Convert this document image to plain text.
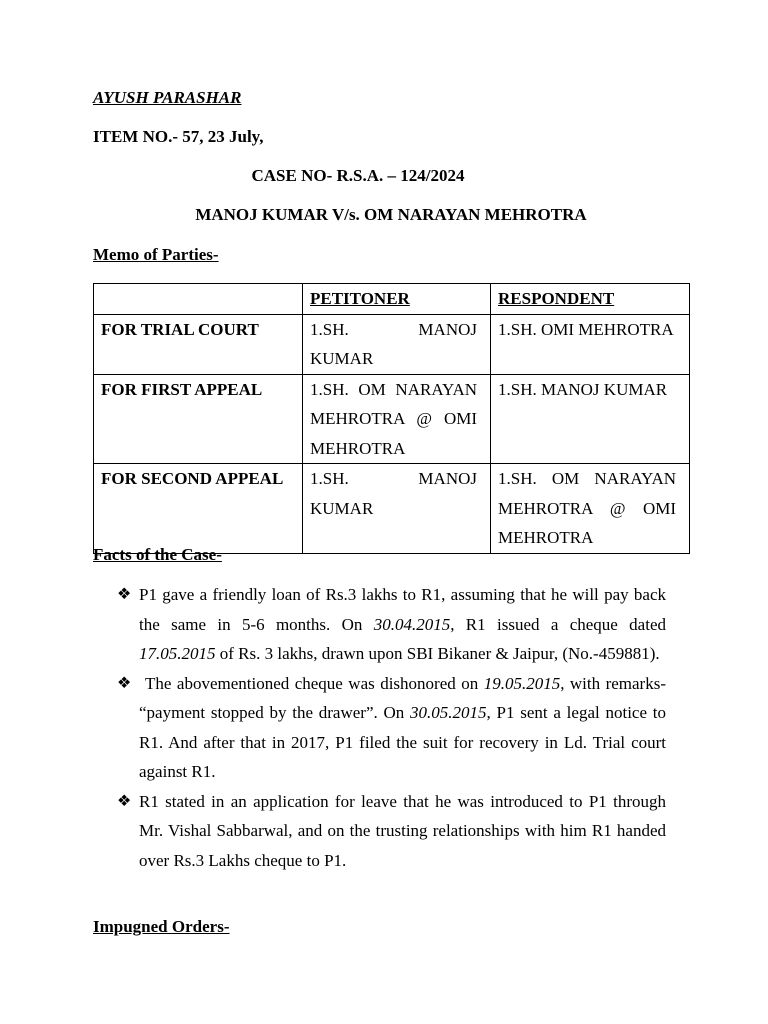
AYUSH PARASHAR

ITEM NO.- 57, 23 July,

CASE NO- R.S.A. – 124/2024

MANOJ KUMAR V/s. OM NARAYAN MEHROTRA

Memo of Parties-

	PETITONER	RESPONDENT
FOR TRIAL COURT	1.SH. MANOJ KUMAR	1.SH. OMI MEHROTRA
FOR FIRST APPEAL	1.SH. OM NARAYAN MEHROTRA @ OMI MEHROTRA	1.SH. MANOJ KUMAR
FOR SECOND APPEAL	1.SH. MANOJ KUMAR	1.SH. OM NARAYAN MEHROTRA @ OMI MEHROTRA

Facts of the Case-

❖ P1 gave a friendly loan of Rs.3 lakhs to R1, assuming that he will pay back the same in 5-6 months. On 30.04.2015, R1 issued a cheque dated 17.05.2015 of Rs. 3 lakhs, drawn upon SBI Bikaner & Jaipur, (No.-459881).
❖ The abovementioned cheque was dishonored on 19.05.2015, with remarks- “payment stopped by the drawer”. On 30.05.2015, P1 sent a legal notice to R1. And after that in 2017, P1 filed the suit for recovery in Ld. Trial court against R1.
❖ R1 stated in an application for leave that he was introduced to P1 through Mr. Vishal Sabbarwal, and on the trusting relationships with him R1 handed over Rs.3 Lakhs cheque to P1.

Impugned Orders-
